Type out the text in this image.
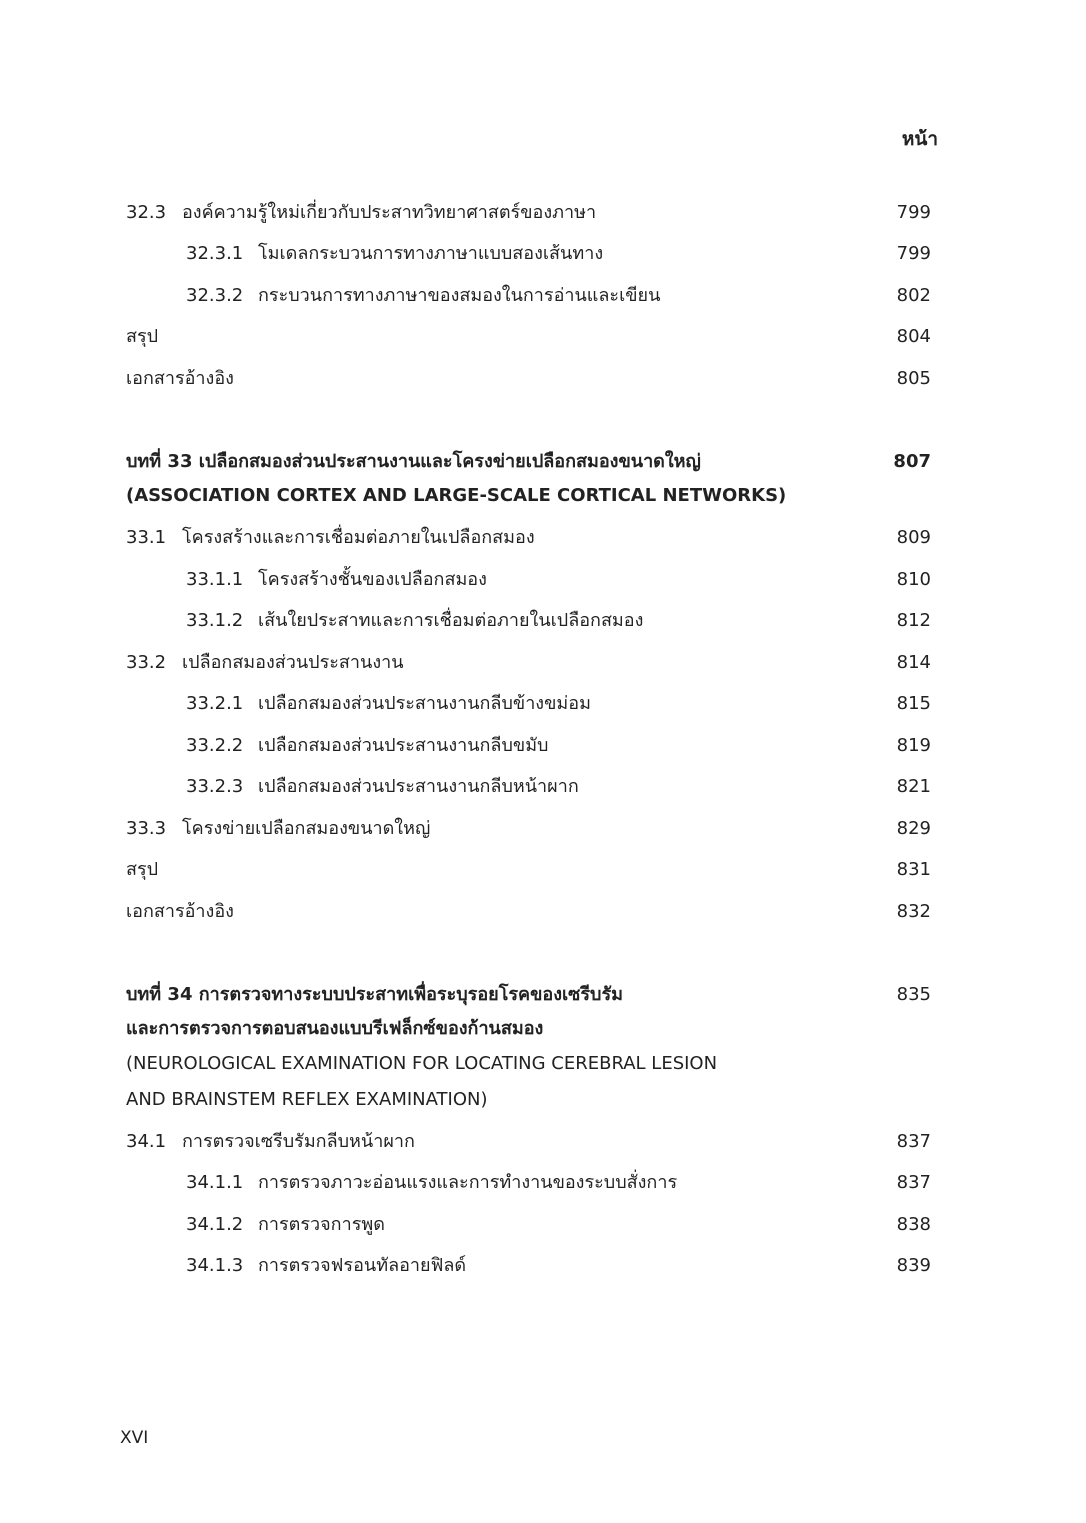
หน้า
32.3 องค์ความรู้ใหม่เกี่ยวกับประสาทวิทยาศาสตร์ของภาษา	799
32.3.1 โมเดลกระบวนการทางภาษาแบบสองเส้นทาง	799
32.3.2 กระบวนการทางภาษาของสมองในการอ่านและเขียน	802
สรุป	804
เอกสารอ้างอิง	805
บทที่ 33 เปลือกสมองส่วนประสานงานและโครงข่ายเปลือกสมองขนาดใหญ่	807
(ASSOCIATION CORTEX AND LARGE-SCALE CORTICAL NETWORKS)
33.1 โครงสร้างและการเชื่อมต่อภายในเปลือกสมอง	809
33.1.1 โครงสร้างชั้นของเปลือกสมอง	810
33.1.2 เส้นใยประสาทและการเชื่อมต่อภายในเปลือกสมอง	812
33.2 เปลือกสมองส่วนประสานงาน	814
33.2.1 เปลือกสมองส่วนประสานงานกลีบข้างขม่อม	815
33.2.2 เปลือกสมองส่วนประสานงานกลีบขมับ	819
33.2.3 เปลือกสมองส่วนประสานงานกลีบหน้าผาก	821
33.3 โครงข่ายเปลือกสมองขนาดใหญ่	829
สรุป	831
เอกสารอ้างอิง	832
บทที่ 34 การตรวจทางระบบประสาทเพื่อระบุรอยโรคของเซรีบรัม	835
และการตรวจการตอบสนองแบบรีเฟล็กซ์ของก้านสมอง
(NEUROLOGICAL EXAMINATION FOR LOCATING CEREBRAL LESION
AND BRAINSTEM REFLEX EXAMINATION)
34.1 การตรวจเซรีบรัมกลีบหน้าผาก	837
34.1.1 การตรวจภาวะอ่อนแรงและการทำงานของระบบสั่งการ	837
34.1.2 การตรวจการพูด	838
34.1.3 การตรวจฟรอนทัลอายฟิลด์	839
XVI
